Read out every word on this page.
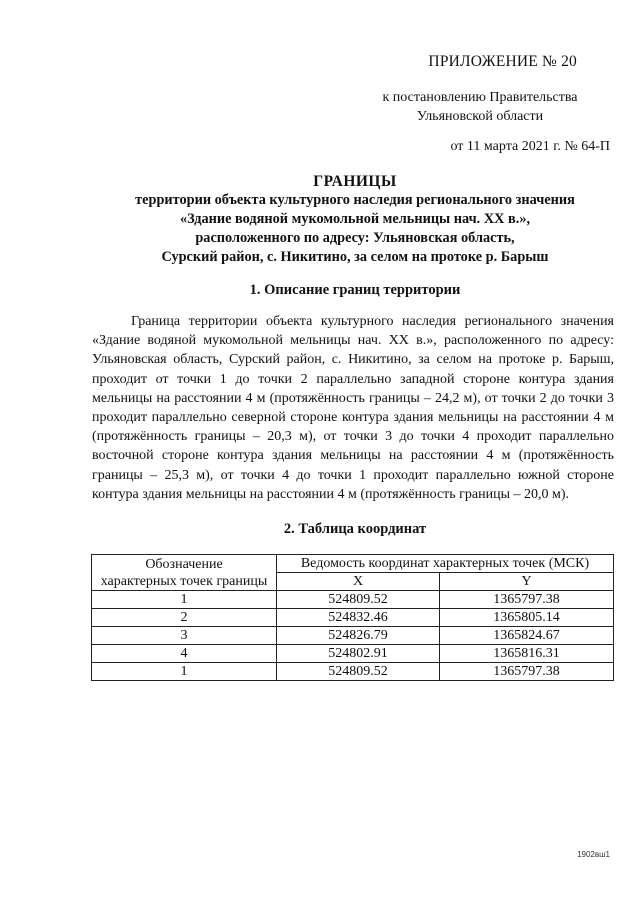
ПРИЛОЖЕНИЕ № 20
к постановлению Правительства
Ульяновской области
от 11 марта 2021 г. № 64-П
ГРАНИЦЫ
территории объекта культурного наследия регионального значения
«Здание водяной мукомольной мельницы нач. XX в.»,
расположенного по адресу: Ульяновская область,
Сурский район, с. Никитино, за селом на протоке р. Барыш
1. Описание границ территории

Граница территории объекта культурного наследия регионального значения «Здание водяной мукомольной мельницы нач. XX в.», расположенного по адресу: Ульяновская область, Сурский район, с. Никитино, за селом на протоке р. Барыш, проходит от точки 1 до точки 2 параллельно западной стороне контура здания мельницы на расстоянии 4 м (протяжённость границы – 24,2 м), от точки 2 до точки 3 проходит параллельно северной стороне контура здания мельницы на расстоянии 4 м (протяжённость границы – 20,3 м), от точки 3 до точки 4 проходит параллельно восточной стороне контура здания мельницы на расстоянии 4 м (протяжённость границы – 25,3 м), от точки 4 до точки 1 проходит параллельно южной стороне контура здания мельницы на расстоянии 4 м (протяжённость границы – 20,0 м).

2. Таблица координат
Обозначение
характерных точек границы	Ведомость координат характерных точек (МСК)	
	X	Y
1	524809.52	1365797.38
2	524832.46	1365805.14
3	524826.79	1365824.67
4	524802.91	1365816.31
1	524809.52	1365797.38
1902вш1
